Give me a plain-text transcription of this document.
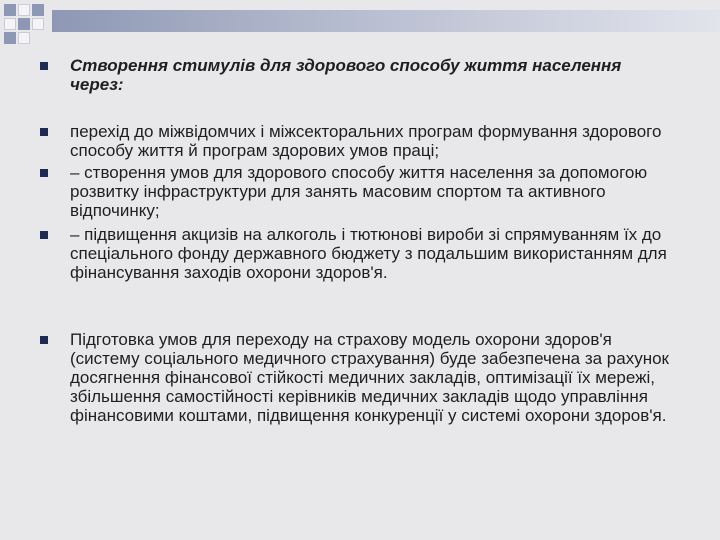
Створення стимулів для здорового способу життя населення через:
перехід до міжвідомчих і міжсекторальних програм формування здорового способу життя й програм здорових умов праці;
– створення умов для здорового способу життя населення за допомогою розвитку інфраструктури для занять масовим спортом та активного відпочинку;
– підвищення акцизів на алкоголь і тютюнові вироби зі спрямуванням їх до спеціального фонду державного бюджету з подальшим використанням для фінансування заходів охорони здоров'я.
Підготовка умов для переходу на страхову модель охорони здоров'я (систему соціального медичного страхування) буде забезпечена за рахунок досягнення фінансової стійкості медичних закладів, оптимізації їх мережі, збільшення самостійності керівників медичних закладів щодо управління фінансовими коштами, підвищення конкуренції у системі охорони здоров'я.
